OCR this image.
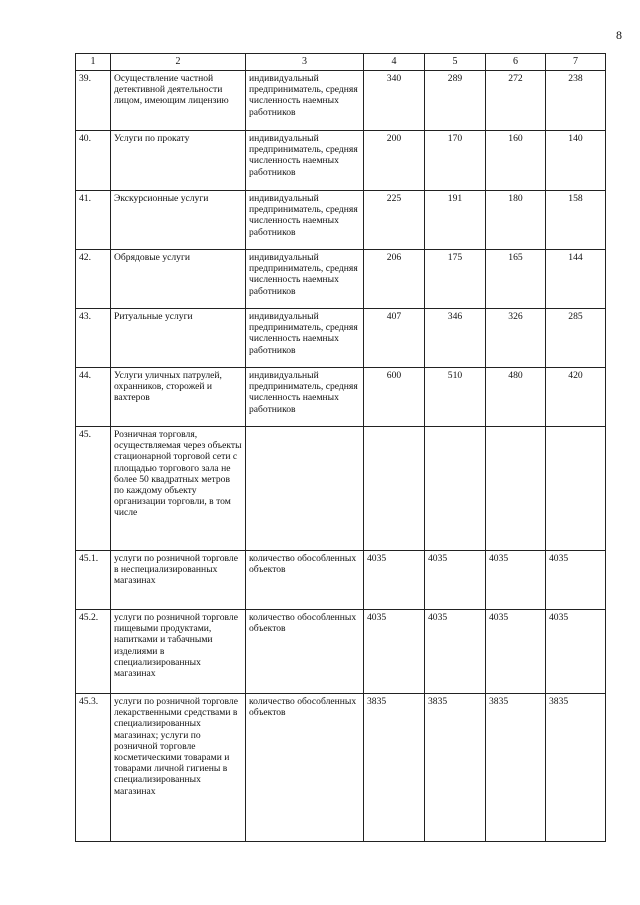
8
1	2	3	4	5	6	7
39.	Осуществление частной детективной деятельности лицом, имеющим лицензию	индивидуальный предприниматель, средняя численность наемных работников	340	289	272	238
40.	Услуги по прокату	индивидуальный предприниматель, средняя численность наемных работников	200	170	160	140
41.	Экскурсионные услуги	индивидуальный предприниматель, средняя численность наемных работников	225	191	180	158
42.	Обрядовые услуги	индивидуальный предприниматель, средняя численность наемных работников	206	175	165	144
43.	Ритуальные услуги	индивидуальный предприниматель, средняя численность наемных работников	407	346	326	285
44.	Услуги уличных патрулей, охранников, сторожей и вахтеров	индивидуальный предприниматель, средняя численность наемных работников	600	510	480	420
45.	Розничная торговля, осуществляемая через объекты стационарной торговой сети с площадью торгового зала не более 50 квадратных метров по каждому объекту организации торговли, в том числе					
45.1.	услуги по розничной торговле в неспециализированных магазинах	количество обособленных объектов	4035	4035	4035	4035
45.2.	услуги по розничной торговле пищевыми продуктами, напитками и табачными изделиями в специализированных магазинах	количество обособленных объектов	4035	4035	4035	4035
45.3.	услуги по розничной торговле лекарственными средствами в специализированных магазинах; услуги по розничной торговле косметическими товарами и товарами личной гигиены в специализированных магазинах	количество обособленных объектов	3835	3835	3835	3835
